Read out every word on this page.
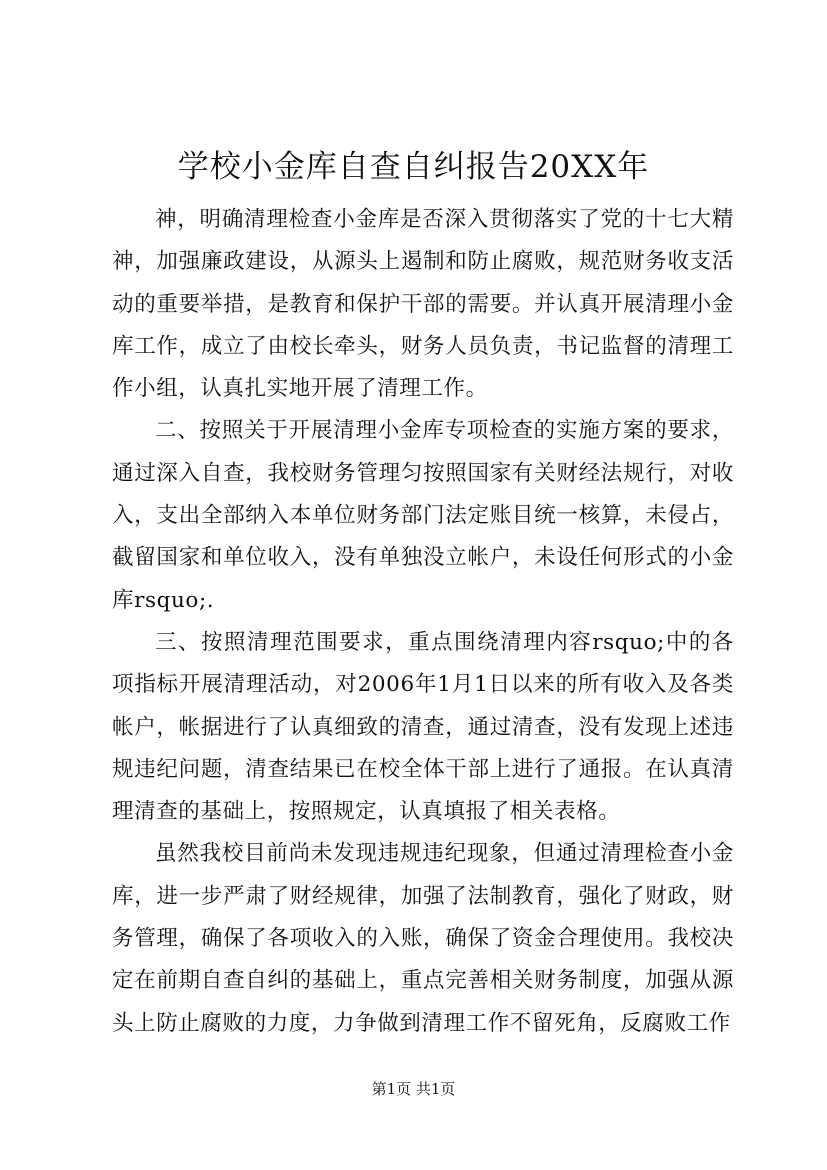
学校小金库自查自纠报告20XX年

神，明确清理检查小金库是否深入贯彻落实了党的十七大精神，加强廉政建设，从源头上遏制和防止腐败，规范财务收支活动的重要举措，是教育和保护干部的需要。并认真开展清理小金库工作，成立了由校长牵头，财务人员负责，书记监督的清理工作小组，认真扎实地开展了清理工作。

二、按照关于开展清理小金库专项检查的实施方案的要求，通过深入自查，我校财务管理匀按照国家有关财经法规行，对收入，支出全部纳入本单位财务部门法定账目统一核算，未侵占，截留国家和单位收入，没有单独没立帐户，未设任何形式的小金库rsquo;.

三、按照清理范围要求，重点围绕清理内容rsquo;中的各项指标开展清理活动，对2006年1月1日以来的所有收入及各类帐户，帐据进行了认真细致的清查，通过清查，没有发现上述违规违纪问题，清查结果已在校全体干部上进行了通报。在认真清理清查的基础上，按照规定，认真填报了相关表格。

虽然我校目前尚未发现违规违纪现象，但通过清理检查小金库，进一步严肃了财经规律，加强了法制教育，强化了财政，财务管理，确保了各项收入的入账，确保了资金合理使用。我校决定在前期自查自纠的基础上，重点完善相关财务制度，加强从源头上防止腐败的力度，力争做到清理工作不留死角，反腐败工作

第1页 共1页
